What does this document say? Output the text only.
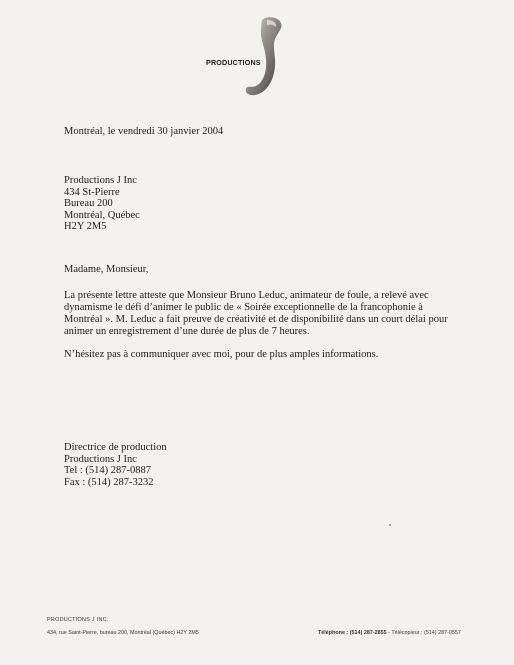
PRODUCTIONS
Montréal, le vendredi 30 janvier 2004
Productions J Inc
434 St-Pierre
Bureau 200
Montréal, Québec
H2Y 2M5
Madame, Monsieur,
La présente lettre atteste que Monsieur Bruno Leduc, animateur de foule, a relevé avec
dynamisme le défi d’animer le public de « Soirée exceptionnelle de la francophonie à
Montréal ». M. Leduc a fait preuve de créativité et de disponibilité dans un court délai pour
animer un enregistrement d’une durée de plus de 7 heures.
N’hésitez pas à communiquer avec moi, pour de plus amples informations.
Directrice de production
Productions J Inc
Tel : (514) 287-0887
Fax : (514) 287-3232
PRODUCTIONS J INC.
434, rue Saint-Pierre, bureau 200, Montréal (Québec) H2Y 2M5	Téléphone : (514) 287-2855 - Télécopieur : (514) 287-0557
